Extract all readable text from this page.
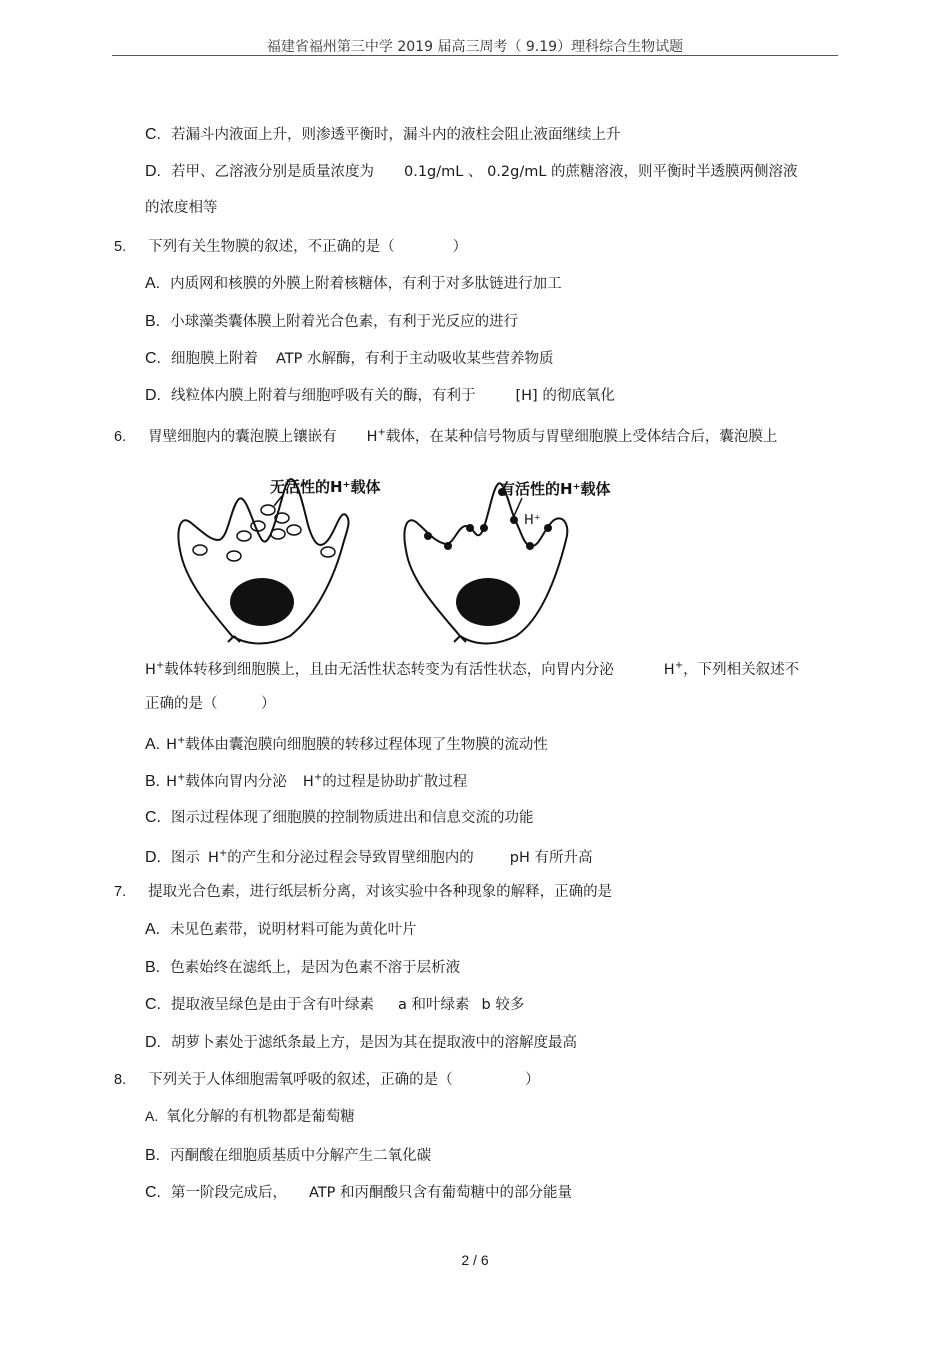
福建省福州第三中学 2019 届高三周考（ 9.19）理科综合生物试题
C. 若漏斗内液面上升，则渗透平衡时，漏斗内的液柱会阻止液面继续上升
D. 若甲、乙溶液分别是质量浓度为 0.1g/mL 、 0.2g/mL 的蔗糖溶液，则平衡时半透膜两侧溶液
的浓度相等
5. 下列有关生物膜的叙述，不正确的是（　　　　）
A. 内质网和核膜的外膜上附着核糖体，有利于对多肽链进行加工
B. 小球藻类囊体膜上附着光合色素，有利于光反应的进行
C. 细胞膜上附着 ATP 水解酶，有利于主动吸收某些营养物质
D. 线粒体内膜上附着与细胞呼吸有关的酶，有利于	[H] 的彻底氧化
6. 胃壁细胞内的囊泡膜上镶嵌有 H+载体，在某种信号物质与胃壁细胞膜上受体结合后，囊泡膜上
无活性的H⁺载体	有活性的H⁺载体
H⁺
H+载体转移到细胞膜上，且由无活性状态转变为有活性状态，向胃内分泌	H+，下列相关叙述不
正确的是（　　　）
A. H+载体由囊泡膜向细胞膜的转移过程体现了生物膜的流动性
B. H+载体向胃内分泌 H+的过程是协助扩散过程
C. 图示过程体现了细胞膜的控制物质进出和信息交流的功能
D. 图示 H+的产生和分泌过程会导致胃壁细胞内的 pH 有所升高
7. 提取光合色素，进行纸层析分离，对该实验中各种现象的解释，正确的是
A. 未见色素带，说明材料可能为黄化叶片
B. 色素始终在滤纸上，是因为色素不溶于层析液
C. 提取液呈绿色是由于含有叶绿素 a 和叶绿素 b 较多
D. 胡萝卜素处于滤纸条最上方，是因为其在提取液中的溶解度最高
8. 下列关于人体细胞需氧呼吸的叙述，正确的是（　　　　　）
A. 氧化分解的有机物都是葡萄糖
B. 丙酮酸在细胞质基质中分解产生二氧化碳
C. 第一阶段完成后， ATP 和丙酮酸只含有葡萄糖中的部分能量
2 / 6
